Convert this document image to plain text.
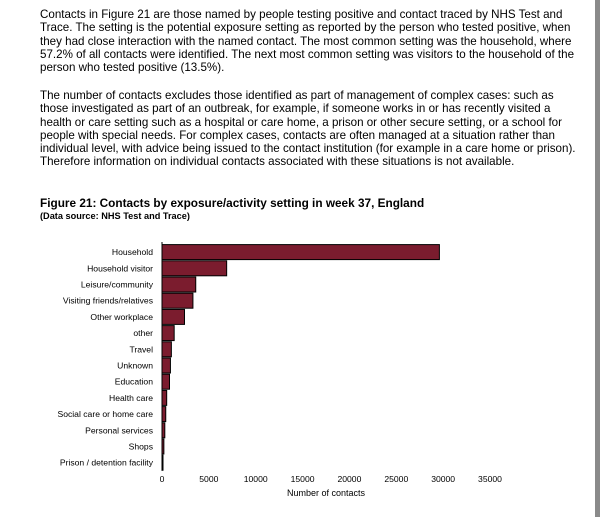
Contacts in Figure 21 are those named by people testing positive and contact traced by NHS Test and Trace. The setting is the potential exposure setting as reported by the person who tested positive, when they had close interaction with the named contact. The most common setting was the household, where 57.2% of all contacts were identified. The next most common setting was visitors to the household of the person who tested positive (13.5%).

The number of contacts excludes those identified as part of management of complex cases: such as those investigated as part of an outbreak, for example, if someone works in or has recently visited a health or care setting such as a hospital or care home, a prison or other secure setting, or a school for people with special needs. For complex cases, contacts are often managed at a situation rather than individual level, with advice being issued to the contact institution (for example in a care home or prison). Therefore information on individual contacts associated with these situations is not available.

Figure 21: Contacts by exposure/activity setting in week 37, England

(Data source: NHS Test and Trace)

Household
Household visitor
Leisure/community
Visiting friends/relatives
Other workplace
other
Travel
Unknown
Education
Health care
Social care or home care
Personal services
Shops
Prison / detention facility
0	5000	10000	15000	20000	25000	30000	35000
Number of contacts
